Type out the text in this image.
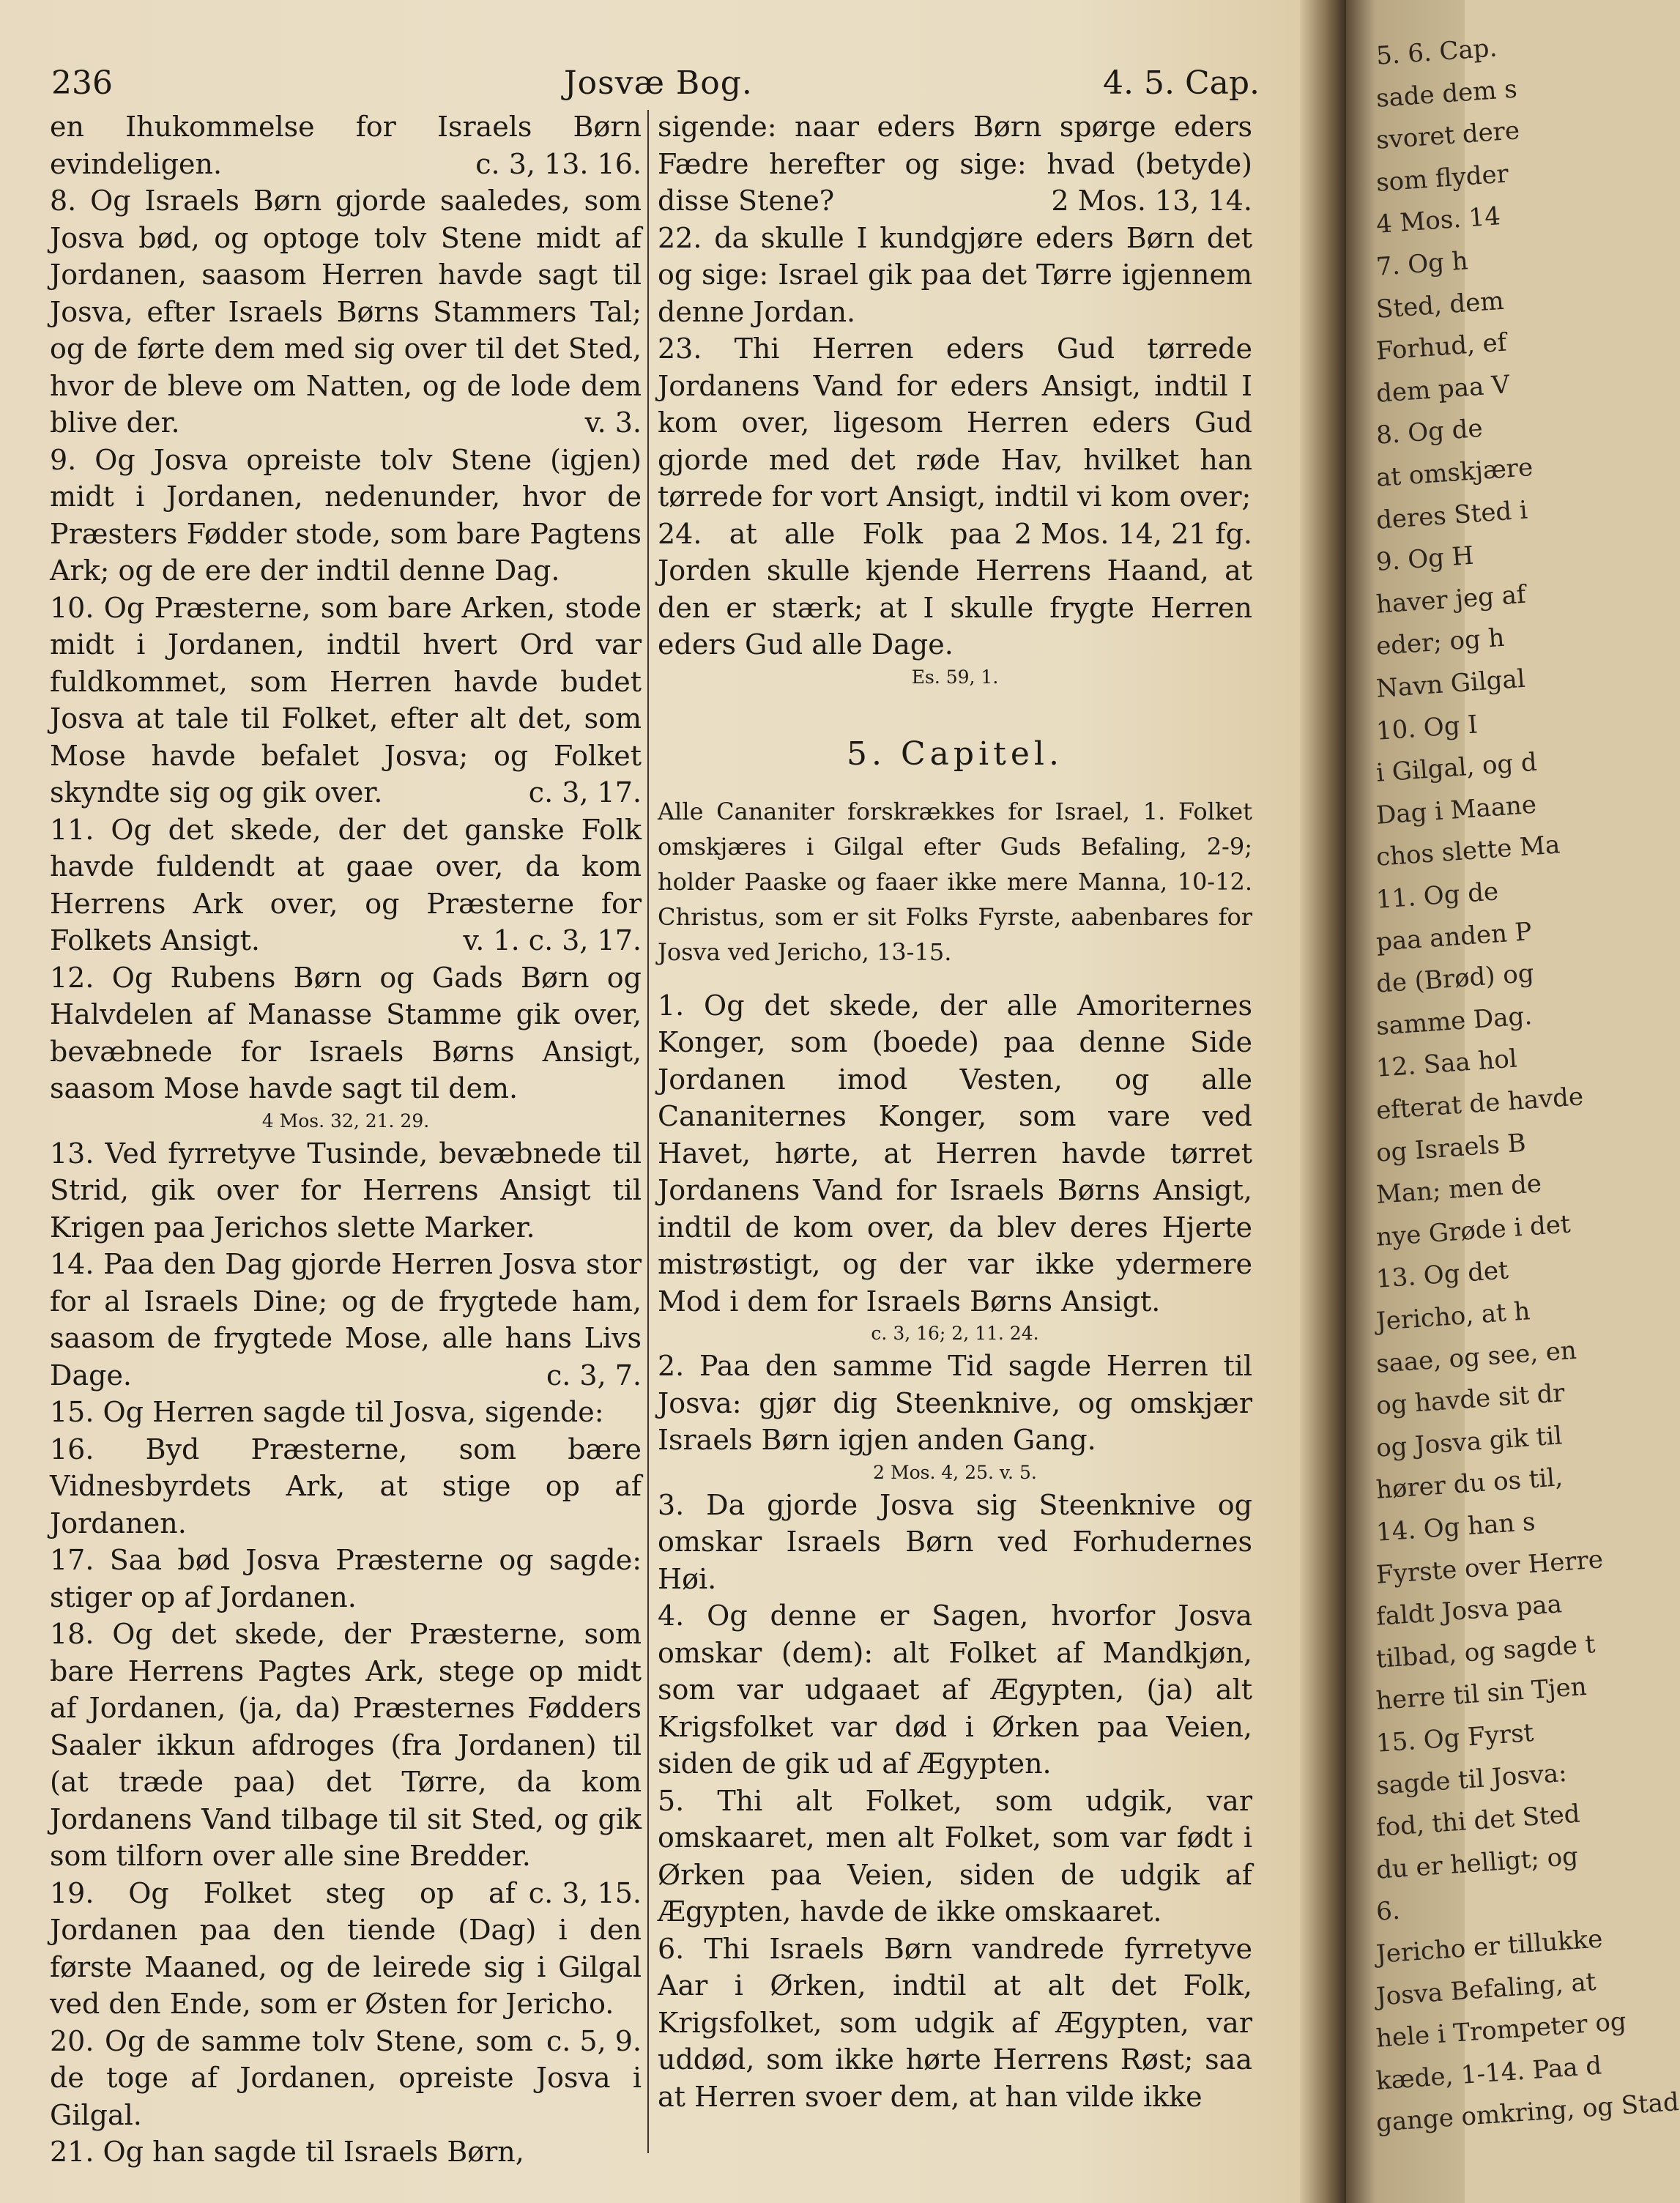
236	Josvæ Bog.	4. 5. Cap.

en Ihukommelse for Israels Børn evindeligen.	c. 3, 13. 16.

8. Og Israels Børn gjorde saaledes, som Josva bød, og optoge tolv Stene midt af Jordanen, saasom Herren havde sagt til Josva, efter Israels Børns Stammers Tal; og de førte dem med sig over til det Sted, hvor de bleve om Natten, og de lode dem blive der.	v. 3.

9. Og Josva opreiste tolv Stene (igjen) midt i Jordanen, nedenunder, hvor de Præsters Fødder stode, som bare Pagtens Ark; og de ere der indtil denne Dag.

10. Og Præsterne, som bare Arken, stode midt i Jordanen, indtil hvert Ord var fuldkommet, som Herren havde budet Josva at tale til Folket, efter alt det, som Mose havde befalet Josva; og Folket skyndte sig og gik over.	c. 3, 17.

11. Og det skede, der det ganske Folk havde fuldendt at gaae over, da kom Herrens Ark over, og Præsterne for Folkets Ansigt.	v. 1. c. 3, 17.

12. Og Rubens Børn og Gads Børn og Halvdelen af Manasse Stamme gik over, bevæbnede for Israels Børns Ansigt, saasom Mose havde sagt til dem.

4 Mos. 32, 21. 29.

13. Ved fyrretyve Tusinde, bevæbnede til Strid, gik over for Herrens Ansigt til Krigen paa Jerichos slette Marker.

14. Paa den Dag gjorde Herren Josva stor for al Israels Dine; og de frygtede ham, saasom de frygtede Mose, alle hans Livs Dage.	c. 3, 7.

15. Og Herren sagde til Josva, sigende:

16. Byd Præsterne, som bære Vidnesbyrdets Ark, at stige op af Jordanen.

17. Saa bød Josva Præsterne og sagde: stiger op af Jordanen.

18. Og det skede, der Præsterne, som bare Herrens Pagtes Ark, stege op midt af Jordanen, (ja, da) Præsternes Fødders Saaler ikkun afdroges (fra Jordanen) til (at træde paa) det Tørre, da kom Jordanens Vand tilbage til sit Sted, og gik som tilforn over alle sine Bredder.
c. 3, 15.

19. Og Folket steg op af Jordanen paa den tiende (Dag) i den første Maaned, og de leirede sig i Gilgal ved den Ende, som er Østen for Jericho.
c. 5, 9.

20. Og de samme tolv Stene, som de toge af Jordanen, opreiste Josva i Gilgal.

21. Og han sagde til Israels Børn,

sigende: naar eders Børn spørge eders Fædre herefter og sige: hvad (betyde) disse Stene?	2 Mos. 13, 14.

22. da skulle I kundgjøre eders Børn det og sige: Israel gik paa det Tørre igjennem denne Jordan.

23. Thi Herren eders Gud tørrede Jordanens Vand for eders Ansigt, indtil I kom over, ligesom Herren eders Gud gjorde med det røde Hav, hvilket han tørrede for vort Ansigt, indtil vi kom over;
2 Mos. 14, 21 fg.

24. at alle Folk paa Jorden skulle kjende Herrens Haand, at den er stærk; at I skulle frygte Herren eders Gud alle Dage.

Es. 59, 1.
5. Capitel.
Alle Cananiter forskrækkes for Israel, 1. Folket omskjæres i Gilgal efter Guds Befaling, 2-9; holder Paaske og faaer ikke mere Manna, 10-12. Christus, som er sit Folks Fyrste, aabenbares for Josva ved Jericho, 13-15.

1. Og det skede, der alle Amoriternes Konger, som (boede) paa denne Side Jordanen imod Vesten, og alle Cananiternes Konger, som vare ved Havet, hørte, at Herren havde tørret Jordanens Vand for Israels Børns Ansigt, indtil de kom over, da blev deres Hjerte mistrøstigt, og der var ikke ydermere Mod i dem for Israels Børns Ansigt.

c. 3, 16; 2, 11. 24.

2. Paa den samme Tid sagde Herren til Josva: gjør dig Steenknive, og omskjær Israels Børn igjen anden Gang.

2 Mos. 4, 25. v. 5.

3. Da gjorde Josva sig Steenknive og omskar Israels Børn ved Forhudernes Høi.

4. Og denne er Sagen, hvorfor Josva omskar (dem): alt Folket af Mandkjøn, som var udgaaet af Ægypten, (ja) alt Krigsfolket var død i Ørken paa Veien, siden de gik ud af Ægypten.

5. Thi alt Folket, som udgik, var omskaaret, men alt Folket, som var født i Ørken paa Veien, siden de udgik af Ægypten, havde de ikke omskaaret.

6. Thi Israels Børn vandrede fyrretyve Aar i Ørken, indtil at alt det Folk, Krigsfolket, som udgik af Ægypten, var uddød, som ikke hørte Herrens Røst; saa at Herren svoer dem, at han vilde ikke

5. 6. Cap.
sade dem s
svoret dere
som flyder
4 Mos. 14
7. Og h
Sted, dem
Forhud, ef
dem paa V
8. Og de
at omskjære
deres Sted i
9. Og H
haver jeg af
eder; og h
Navn Gilgal
10. Og I
i Gilgal, og d
Dag i Maane
chos slette Ma
11. Og de
paa anden P
de (Brød) og
samme Dag.
12. Saa hol
efterat de havde
og Israels B
Man; men de
nye Grøde i det
13. Og det
Jericho, at h
saae, og see, en
og havde sit dr
og Josva gik til
hører du os til,
14. Og han s
Fyrste over Herre
faldt Josva paa
tilbad, og sagde t
herre til sin Tjen
15. Og Fyrst
sagde til Josva:
fod, thi det Sted
du er helligt; og
6.
Jericho er tillukke
Josva Befaling, at
hele i Trompeter og
kæde, 1-14. Paa d
gange omkring, og Stad
